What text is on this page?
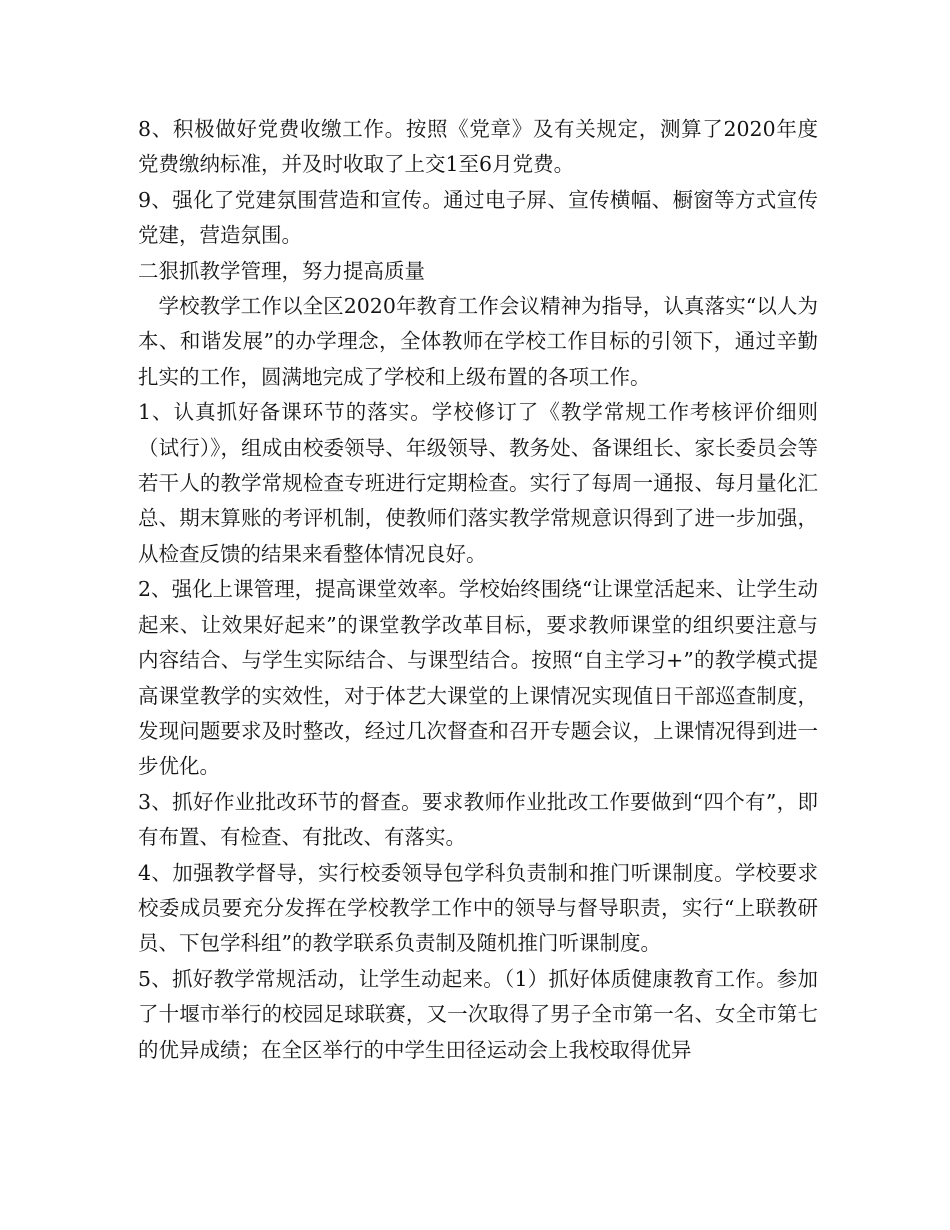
8、积极做好党费收缴工作。按照《党章》及有关规定，测算了2020年度党费缴纳标准，并及时收取了上交1至6月党费。

9、强化了党建氛围营造和宣传。通过电子屏、宣传横幅、橱窗等方式宣传党建，营造氛围。

二狠抓教学管理，努力提高质量

学校教学工作以全区2020年教育工作会议精神为指导，认真落实“以人为本、和谐发展”的办学理念，全体教师在学校工作目标的引领下，通过辛勤扎实的工作，圆满地完成了学校和上级布置的各项工作。

1、认真抓好备课环节的落实。学校修订了《教学常规工作考核评价细则（试行）》，组成由校委领导、年级领导、教务处、备课组长、家长委员会等若干人的教学常规检查专班进行定期检查。实行了每周一通报、每月量化汇总、期末算账的考评机制，使教师们落实教学常规意识得到了进一步加强，从检查反馈的结果来看整体情况良好。

2、强化上课管理，提高课堂效率。学校始终围绕“让课堂活起来、让学生动起来、让效果好起来”的课堂教学改革目标，要求教师课堂的组织要注意与内容结合、与学生实际结合、与课型结合。按照“自主学习+”的教学模式提高课堂教学的实效性，对于体艺大课堂的上课情况实现值日干部巡查制度，发现问题要求及时整改，经过几次督查和召开专题会议，上课情况得到进一步优化。

3、抓好作业批改环节的督查。要求教师作业批改工作要做到“四个有”，即有布置、有检查、有批改、有落实。

4、加强教学督导，实行校委领导包学科负责制和推门听课制度。学校要求校委成员要充分发挥在学校教学工作中的领导与督导职责，实行“上联教研员、下包学科组”的教学联系负责制及随机推门听课制度。

5、抓好教学常规活动，让学生动起来。（1）抓好体质健康教育工作。参加了十堰市举行的校园足球联赛，又一次取得了男子全市第一名、女全市第七的优异成绩；在全区举行的中学生田径运动会上我校取得优异
